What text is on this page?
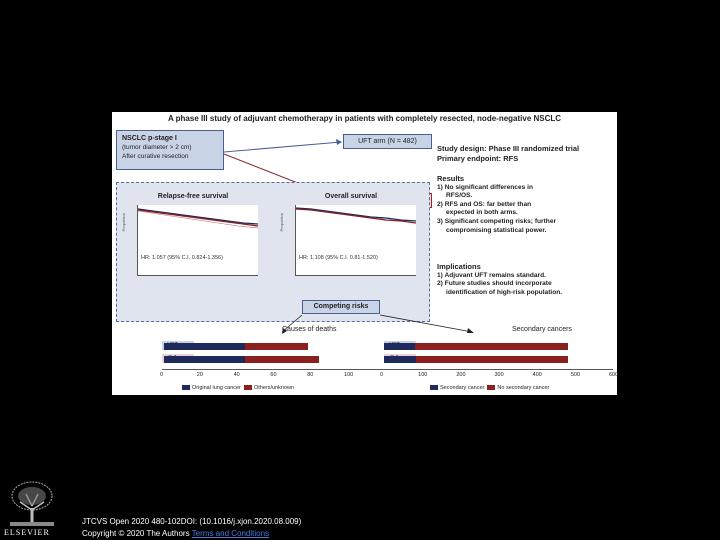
A phase III study of adjuvant chemotherapy in patients with completely resected, node-negative NSCLC
NSCLC p-stage I
(tumor diameter > 2 cm)
After curative resection
UFT arm (N = 482)
Study design: Phase III randomized trial
Primary endpoint: RFS
Results
1) No significant differences in
RFS/OS.
2) RFS and OS: far better than
expected in both arms.
3) Significant competing risks; further
compromising statistical power.
Implications
1) Adjuvant UFT remains standard.
2) Future studies should incorporate
identification of high-risk population.
Relapse-free survival
Proportion
HR: 1.057 (95% C.I. 0.824-1.356)
Overall survival
Proportion
HR: 1.108 (95% C.I. 0.81-1.520)
Competing risks
Causes of deaths
0	20	40	60	80	100
Original lung cancer Others/unknown
Secondary cancers
0	100	200	300	400	500	600
Secondary cancer No secondary cancer
ELSEVIER
JTCVS Open 2020 480-102DOI: (10.1016/j.xjon.2020.08.009)
Copyright © 2020 The Authors Terms and Conditions
